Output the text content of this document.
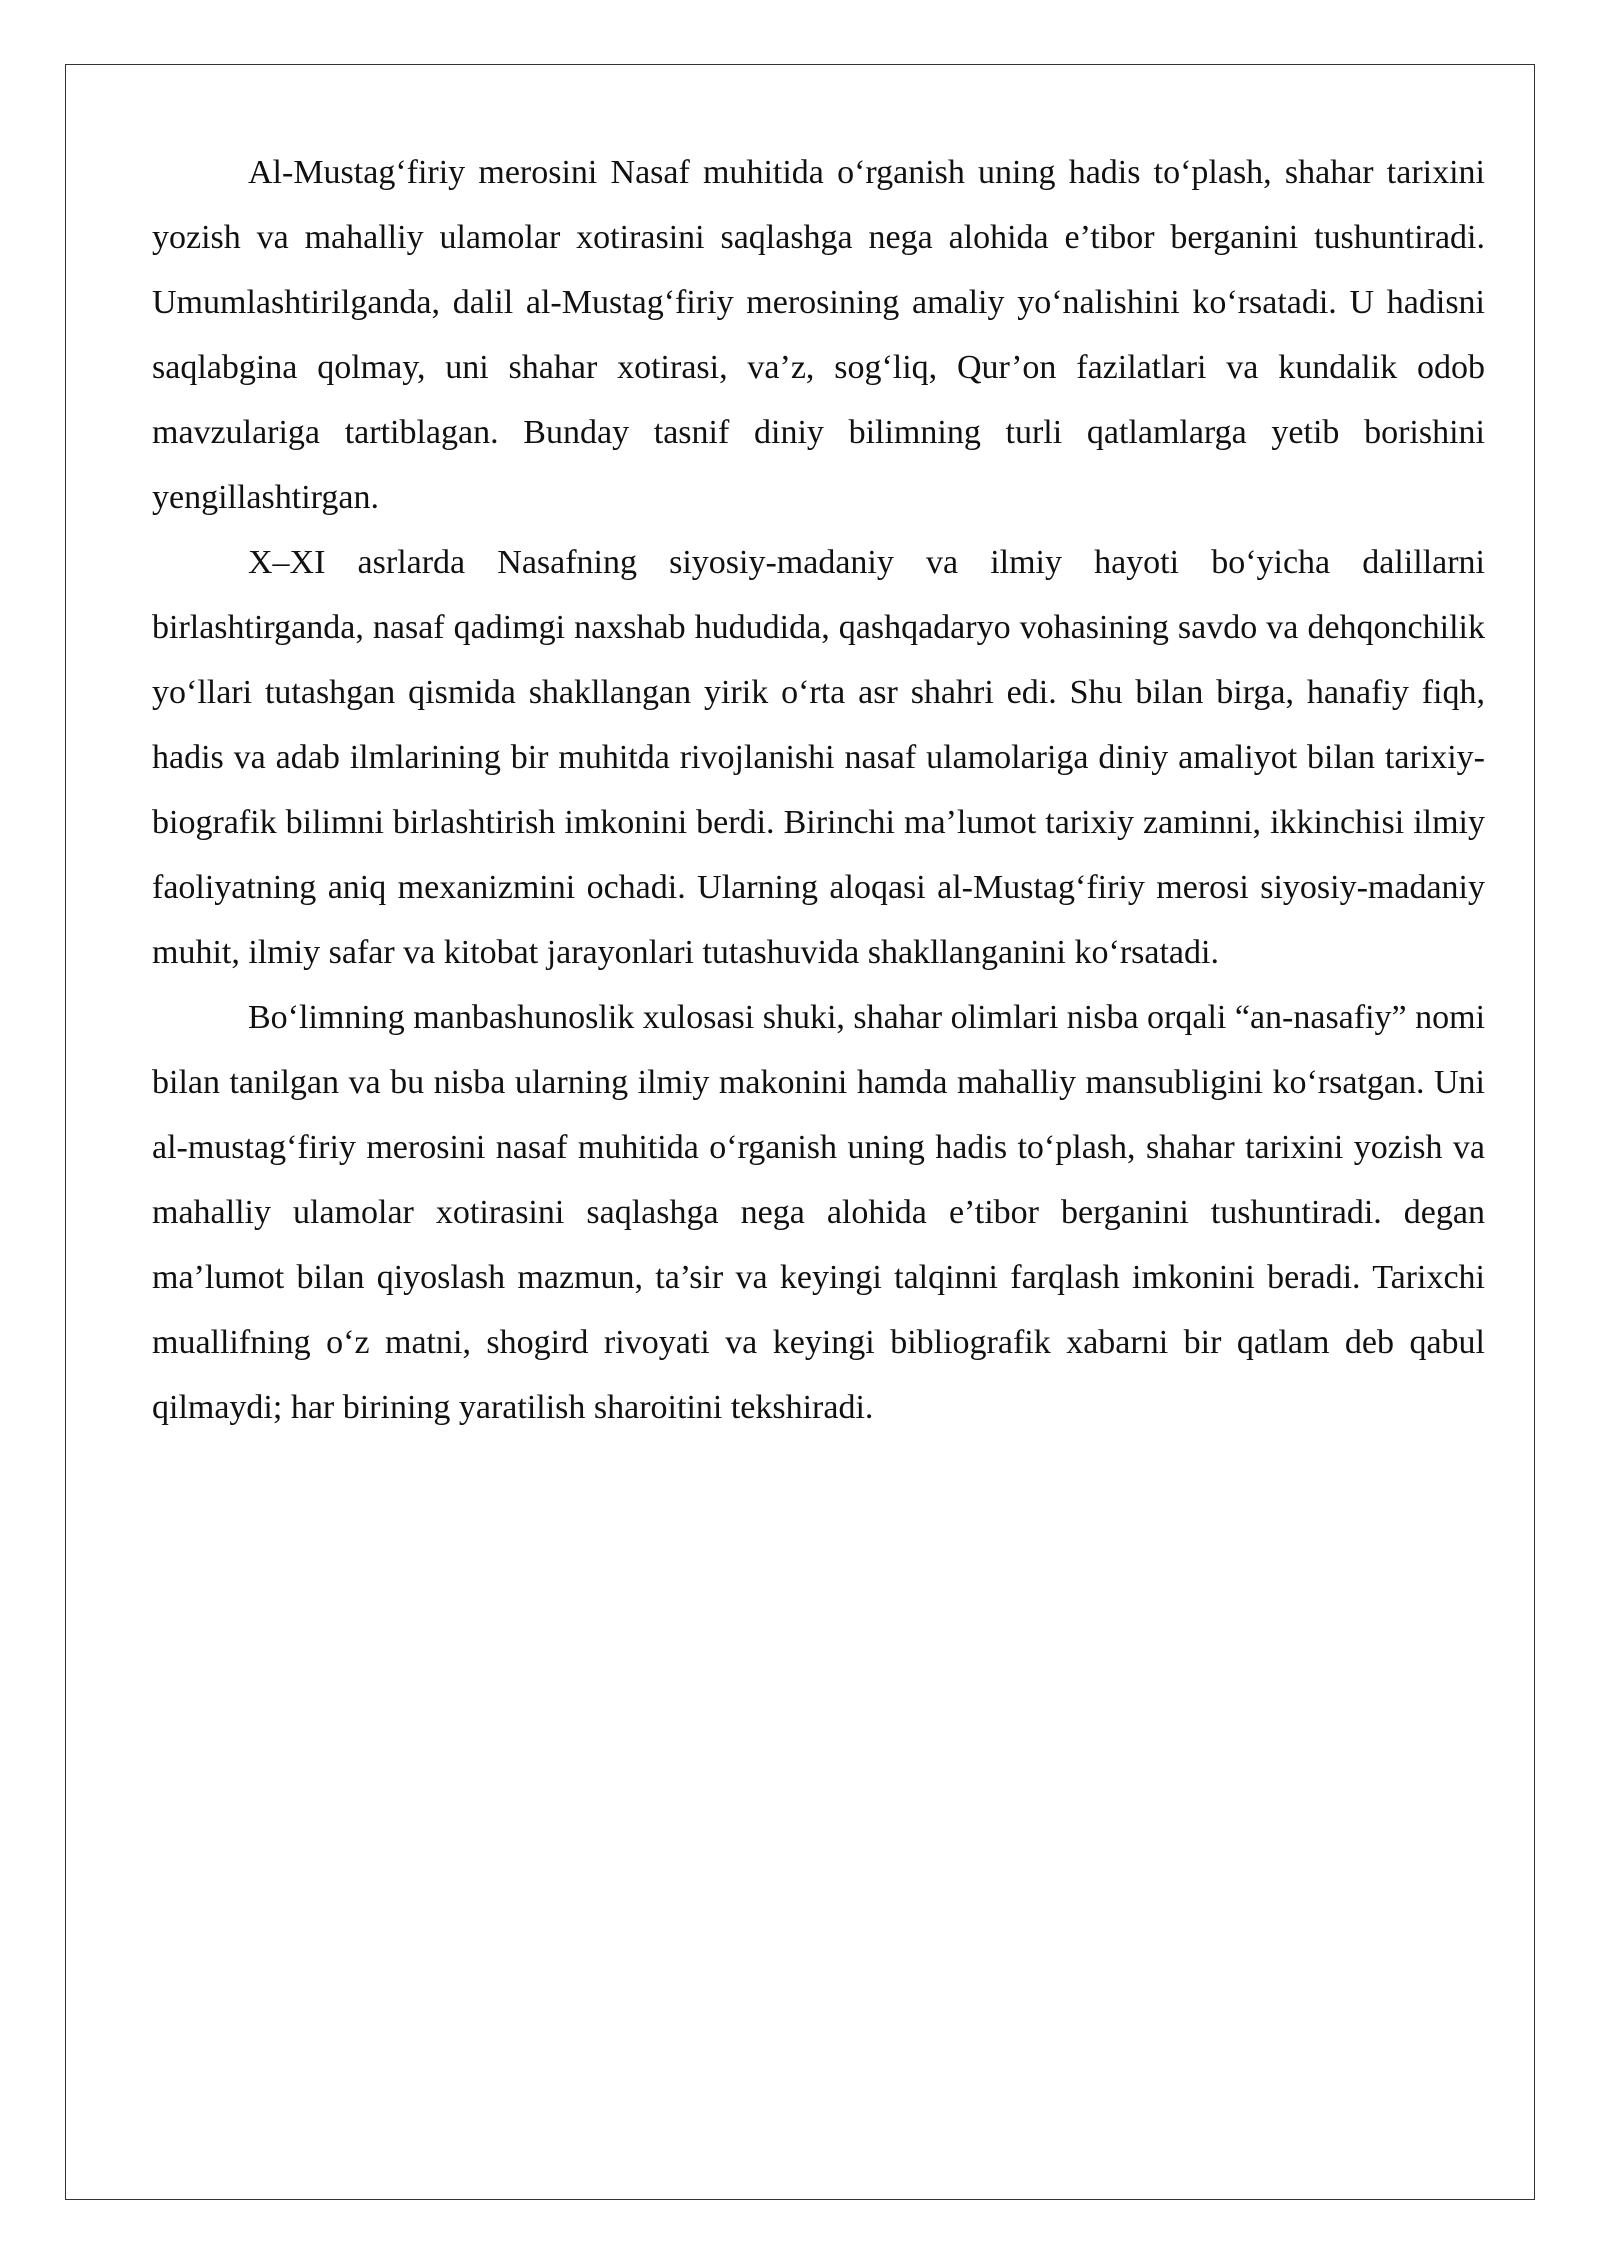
Al-Mustag‘firiy merosini Nasaf muhitida o‘rganish uning hadis to‘plash, shahar tarixini yozish va mahalliy ulamolar xotirasini saqlashga nega alohida e’tibor berganini tushuntiradi. Umumlashtirilganda, dalil al-Mustag‘firiy merosining amaliy yo‘nalishini ko‘rsatadi. U hadisni saqlabgina qolmay, uni shahar xotirasi, va’z, sog‘liq, Qur’on fazilatlari va kundalik odob mavzulariga tartiblagan. Bunday tasnif diniy bilimning turli qatlamlarga yetib borishini yengillashtirgan.

X–XI asrlarda Nasafning siyosiy-madaniy va ilmiy hayoti bo‘yicha dalillarni birlashtirganda, nasaf qadimgi naxshab hududida, qashqadaryo vohasining savdo va dehqonchilik yo‘llari tutashgan qismida shakllangan yirik o‘rta asr shahri edi. Shu bilan birga, hanafiy fiqh, hadis va adab ilmlarining bir muhitda rivojlanishi nasaf ulamolariga diniy amaliyot bilan tarixiy-biografik bilimni birlashtirish imkonini berdi. Birinchi ma’lumot tarixiy zaminni, ikkinchisi ilmiy faoliyatning aniq mexanizmini ochadi. Ularning aloqasi al-Mustag‘firiy merosi siyosiy-madaniy muhit, ilmiy safar va kitobat jarayonlari tutashuvida shakllanganini ko‘rsatadi.

Bo‘limning manbashunoslik xulosasi shuki, shahar olimlari nisba orqali “an-nasafiy” nomi bilan tanilgan va bu nisba ularning ilmiy makonini hamda mahalliy mansubligini ko‘rsatgan. Uni al-mustag‘firiy merosini nasaf muhitida o‘rganish uning hadis to‘plash, shahar tarixini yozish va mahalliy ulamolar xotirasini saqlashga nega alohida e’tibor berganini tushuntiradi. degan ma’lumot bilan qiyoslash mazmun, ta’sir va keyingi talqinni farqlash imkonini beradi. Tarixchi muallifning o‘z matni, shogird rivoyati va keyingi bibliografik xabarni bir qatlam deb qabul qilmaydi; har birining yaratilish sharoitini tekshiradi.
